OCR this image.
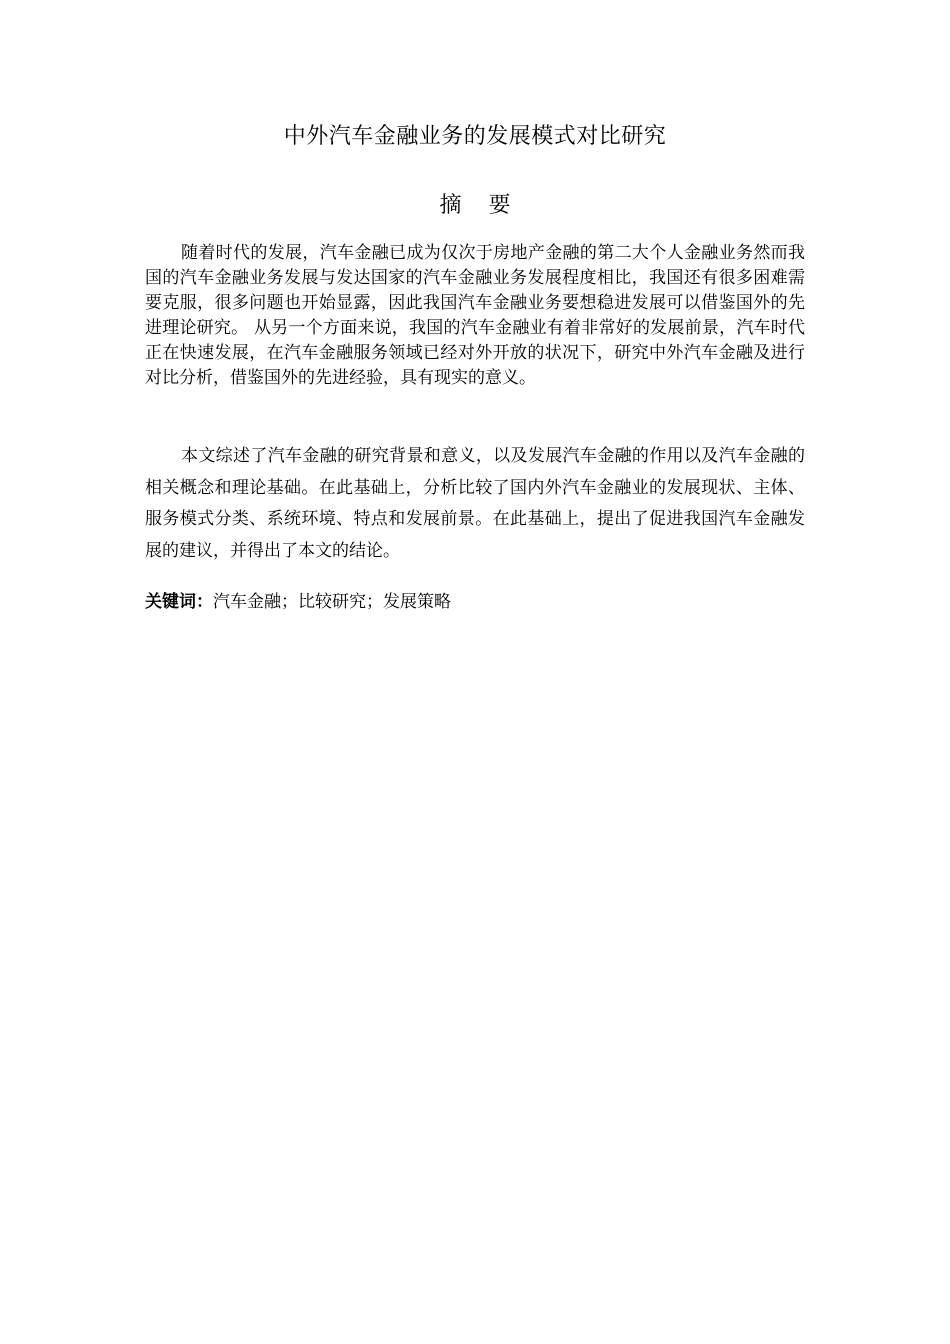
中外汽车金融业务的发展模式对比研究
摘 要

随着时代的发展，汽车金融已成为仅次于房地产金融的第二大个人金融业务然而我国的汽车金融业务发展与发达国家的汽车金融业务发展程度相比，我国还有很多困难需要克服，很多问题也开始显露，因此我国汽车金融业务要想稳进发展可以借鉴国外的先进理论研究。 从另一个方面来说，我国的汽车金融业有着非常好的发展前景，汽车时代正在快速发展，在汽车金融服务领域已经对外开放的状况下，研究中外汽车金融及进行对比分析，借鉴国外的先进经验，具有现实的意义。

本文综述了汽车金融的研究背景和意义，以及发展汽车金融的作用以及汽车金融的相关概念和理论基础。在此基础上，分析比较了国内外汽车金融业的发展现状、主体、服务模式分类、系统环境、特点和发展前景。在此基础上，提出了促进我国汽车金融发展的建议，并得出了本文的结论。

关键词：汽车金融；比较研究；发展策略
